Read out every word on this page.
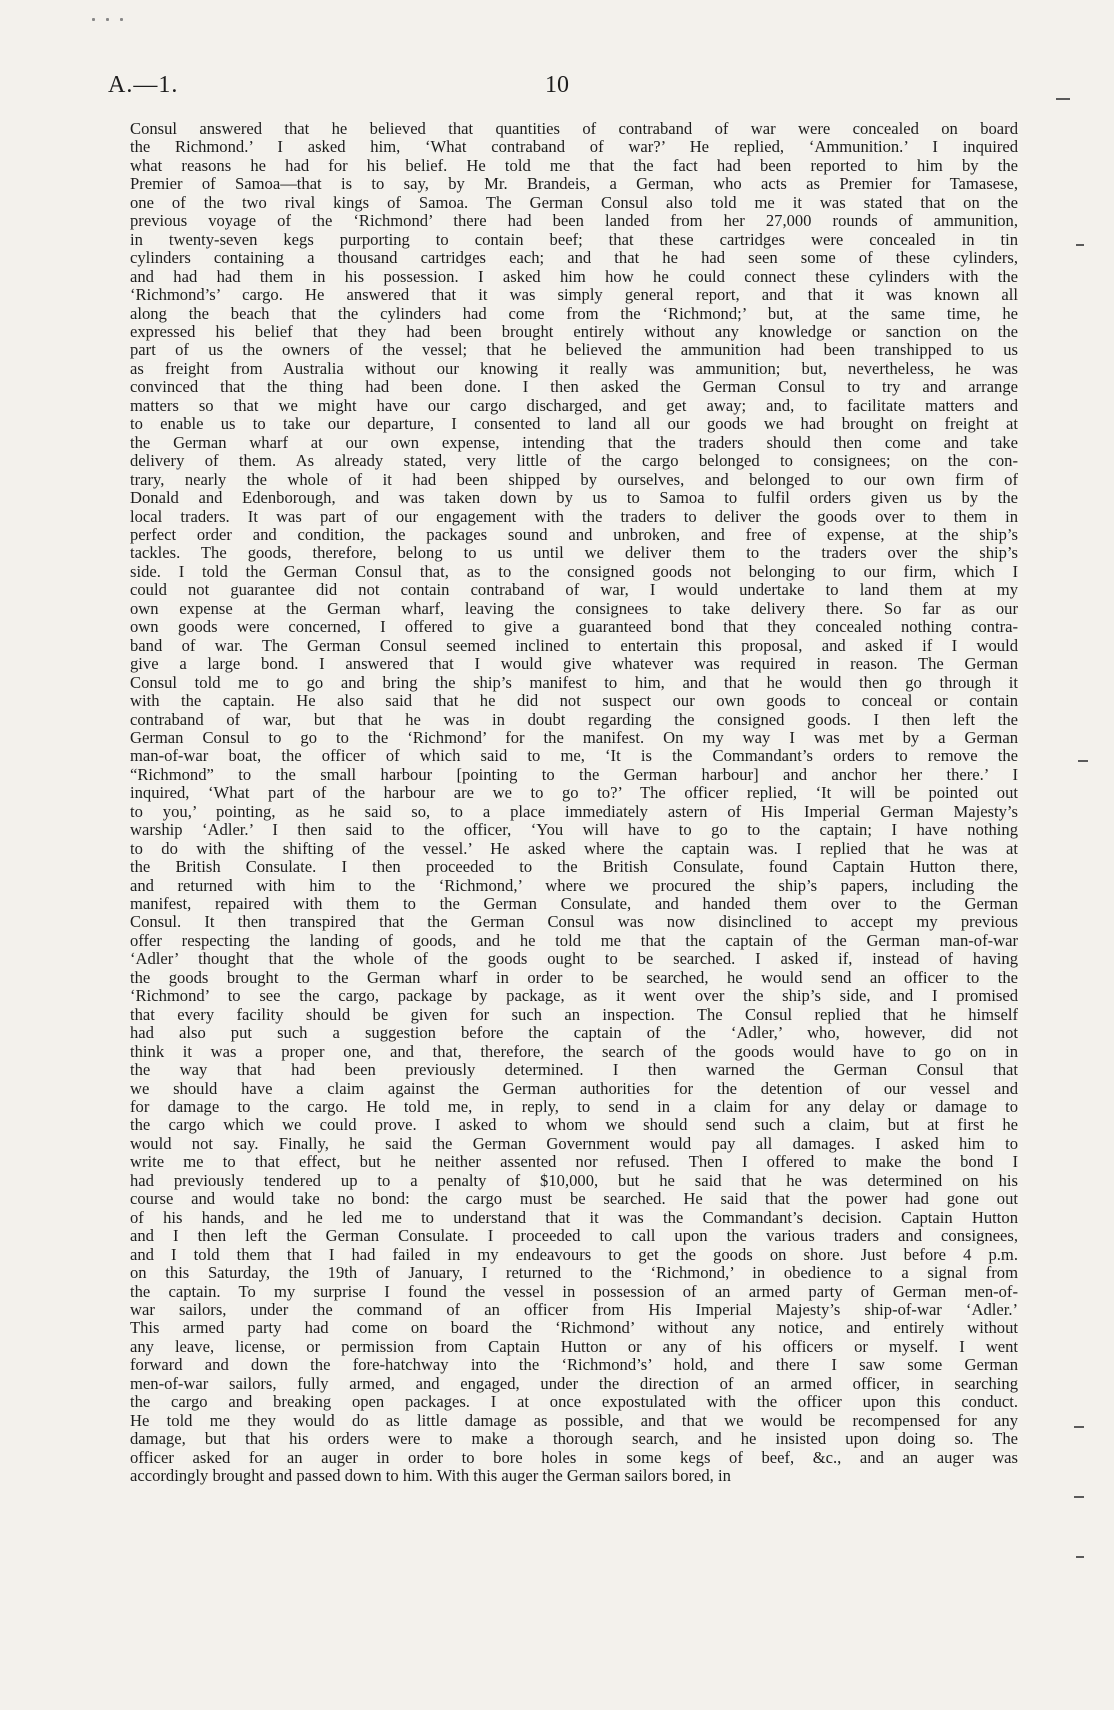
A.—1.	10
Consul answered that he believed that quantities of contraband of war were concealed on board
the Richmond.’ I asked him, ‘What contraband of war?’ He replied, ‘Ammunition.’ I inquired
what reasons he had for his belief. He told me that the fact had been reported to him by the
Premier of Samoa—that is to say, by Mr. Brandeis, a German, who acts as Premier for Tamasese,
one of the two rival kings of Samoa. The German Consul also told me it was stated that on the
previous voyage of the ‘Richmond’ there had been landed from her 27,000 rounds of ammunition,
in twenty-seven kegs purporting to contain beef; that these cartridges were concealed in tin
cylinders containing a thousand cartridges each; and that he had seen some of these cylinders,
and had had them in his possession. I asked him how he could connect these cylinders with the
‘Richmond’s’ cargo. He answered that it was simply general report, and that it was known all
along the beach that the cylinders had come from the ‘Richmond;’ but, at the same time, he
expressed his belief that they had been brought entirely without any knowledge or sanction on the
part of us the owners of the vessel; that he believed the ammunition had been transhipped to us
as freight from Australia without our knowing it really was ammunition; but, nevertheless, he was
convinced that the thing had been done. I then asked the German Consul to try and arrange
matters so that we might have our cargo discharged, and get away; and, to facilitate matters and
to enable us to take our departure, I consented to land all our goods we had brought on freight at
the German wharf at our own expense, intending that the traders should then come and take
delivery of them. As already stated, very little of the cargo belonged to consignees; on the con-
trary, nearly the whole of it had been shipped by ourselves, and belonged to our own firm of
Donald and Edenborough, and was taken down by us to Samoa to fulfil orders given us by the
local traders. It was part of our engagement with the traders to deliver the goods over to them in
perfect order and condition, the packages sound and unbroken, and free of expense, at the ship’s
tackles. The goods, therefore, belong to us until we deliver them to the traders over the ship’s
side. I told the German Consul that, as to the consigned goods not belonging to our firm, which I
could not guarantee did not contain contraband of war, I would undertake to land them at my
own expense at the German wharf, leaving the consignees to take delivery there. So far as our
own goods were concerned, I offered to give a guaranteed bond that they concealed nothing contra-
band of war. The German Consul seemed inclined to entertain this proposal, and asked if I would
give a large bond. I answered that I would give whatever was required in reason. The German
Consul told me to go and bring the ship’s manifest to him, and that he would then go through it
with the captain. He also said that he did not suspect our own goods to conceal or contain
contraband of war, but that he was in doubt regarding the consigned goods. I then left the
German Consul to go to the ‘Richmond’ for the manifest. On my way I was met by a German
man-of-war boat, the officer of which said to me, ‘It is the Commandant’s orders to remove the
“Richmond” to the small harbour [pointing to the German harbour] and anchor her there.’ I
inquired, ‘What part of the harbour are we to go to?’ The officer replied, ‘It will be pointed out
to you,’ pointing, as he said so, to a place immediately astern of His Imperial German Majesty’s
warship ‘Adler.’ I then said to the officer, ‘You will have to go to the captain; I have nothing
to do with the shifting of the vessel.’ He asked where the captain was. I replied that he was at
the British Consulate. I then proceeded to the British Consulate, found Captain Hutton there,
and returned with him to the ‘Richmond,’ where we procured the ship’s papers, including the
manifest, repaired with them to the German Consulate, and handed them over to the German
Consul. It then transpired that the German Consul was now disinclined to accept my previous
offer respecting the landing of goods, and he told me that the captain of the German man-of-war
‘Adler’ thought that the whole of the goods ought to be searched. I asked if, instead of having
the goods brought to the German wharf in order to be searched, he would send an officer to the
‘Richmond’ to see the cargo, package by package, as it went over the ship’s side, and I promised
that every facility should be given for such an inspection. The Consul replied that he himself
had also put such a suggestion before the captain of the ‘Adler,’ who, however, did not
think it was a proper one, and that, therefore, the search of the goods would have to go on in
the way that had been previously determined. I then warned the German Consul that
we should have a claim against the German authorities for the detention of our vessel and
for damage to the cargo. He told me, in reply, to send in a claim for any delay or damage to
the cargo which we could prove. I asked to whom we should send such a claim, but at first he
would not say. Finally, he said the German Government would pay all damages. I asked him to
write me to that effect, but he neither assented nor refused. Then I offered to make the bond I
had previously tendered up to a penalty of $10,000, but he said that he was determined on his
course and would take no bond: the cargo must be searched. He said that the power had gone out
of his hands, and he led me to understand that it was the Commandant’s decision. Captain Hutton
and I then left the German Consulate. I proceeded to call upon the various traders and consignees,
and I told them that I had failed in my endeavours to get the goods on shore. Just before 4 p.m.
on this Saturday, the 19th of January, I returned to the ‘Richmond,’ in obedience to a signal from
the captain. To my surprise I found the vessel in possession of an armed party of German men-of-
war sailors, under the command of an officer from His Imperial Majesty’s ship-of-war ‘Adler.’
This armed party had come on board the ‘Richmond’ without any notice, and entirely without
any leave, license, or permission from Captain Hutton or any of his officers or myself. I went
forward and down the fore-hatchway into the ‘Richmond’s’ hold, and there I saw some German
men-of-war sailors, fully armed, and engaged, under the direction of an armed officer, in searching
the cargo and breaking open packages. I at once expostulated with the officer upon this conduct.
He told me they would do as little damage as possible, and that we would be recompensed for any
damage, but that his orders were to make a thorough search, and he insisted upon doing so. The
officer asked for an auger in order to bore holes in some kegs of beef, &c., and an auger was
accordingly brought and passed down to him. With this auger the German sailors bored, in
